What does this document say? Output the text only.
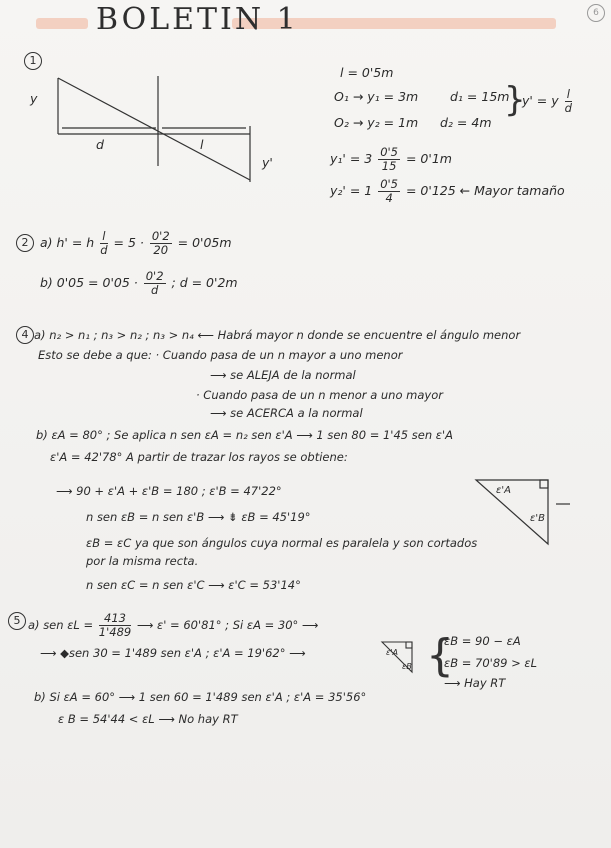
BOLETIN 1	6
1
y
d	l
y'
l = 0'5m
O₁ → y₁ = 3m	d₁ = 15m
O₂ → y₂ = 1m d₂ = 4m
}
y' = y $\frac{l}{d}$
$y_1' = 3 \frac{0'5}{15} = 0'1m$
$y_2' = 1 \frac{0'5}{4} = 0'125$ ← Mayor tamaño
2 a) h' = h $\frac{l}{d} = 5 \cdot \frac{0'2}{20} = 0'05m$
b) $0'05 = 0'05 \cdot \frac{0'2}{d}$ ; d = 0'2m
4 a) n₂ > n₁ ; n₃ > n₂ ; n₃ > n₄ ⟵ Habrá mayor n donde se encuentre el ángulo menor
Esto se debe a que: · Cuando pasa de un n mayor a uno menor
⟶ se ALEJA de la normal
· Cuando pasa de un n menor a uno mayor
⟶ se ACERCA a la normal
b) εA = 80° ; Se aplica n sen εA = n₂ sen ε'A ⟶ 1 sen 80 = 1'45 sen ε'A
ε'A = 42'78° A partir de trazar los rayos se obtiene:
⟶ 90 + ε'A + ε'B = 180 ; ε'B = 47'22°
n sen εB = n sen ε'B ⟶ ⇟ εB = 45'19°
εB = εC ya que son ángulos cuya normal es paralela y son cortados
por la misma recta.
n sen εC = n sen ε'C ⟶ ε'C = 53'14°
ε'A
ε'B
5 a) sen $\varepsilon L = \frac{413}{1'489}$ ⟶ ε' = 60'81° ; Si εA = 30° ⟶
⟶ ◆sen 30 = 1'489 sen ε'A ; ε'A = 19'62° ⟶	ε'A
εB {
εB = 90 − εA
εB = 70'89 > εL
⟶ Hay RT
b) Si εA = 60° ⟶ 1 sen 60 = 1'489 sen ε'A ; ε'A = 35'56°
ε B = 54'44 < εL ⟶ No hay RT
